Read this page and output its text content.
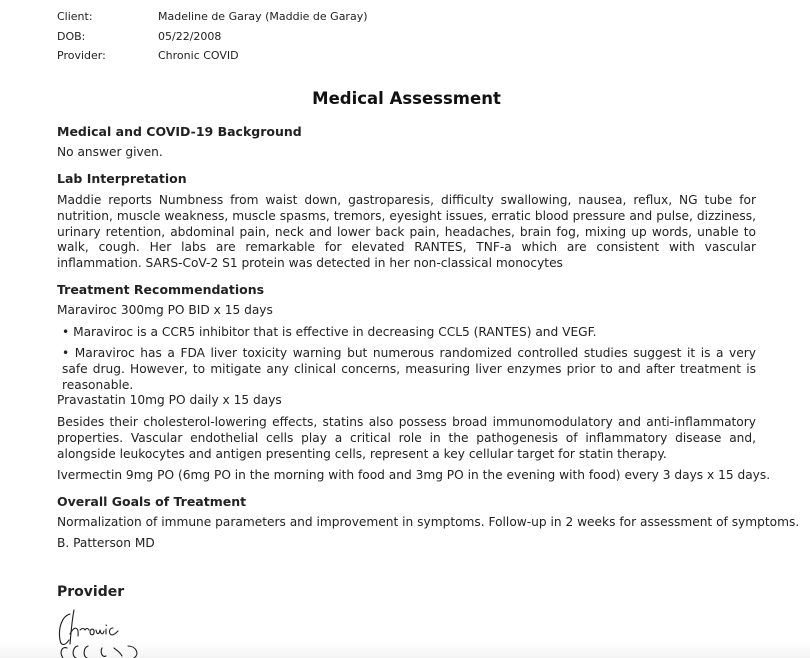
Client:	Madeline de Garay (Maddie de Garay)
DOB:	05/22/2008
Provider:	Chronic COVID
Medical Assessment
Medical and COVID-19 Background
No answer given.
Lab Interpretation
Maddie reports Numbness from waist down, gastroparesis, difficulty swallowing, nausea, reflux, NG tube for nutrition, muscle weakness, muscle spasms, tremors, eyesight issues, erratic blood pressure and pulse, dizziness, urinary retention, abdominal pain, neck and lower back pain, headaches, brain fog, mixing up words, unable to walk, cough. Her labs are remarkable for elevated RANTES, TNF-a which are consistent with vascular inflammation. SARS-CoV-2 S1 protein was detected in her non-classical monocytes
Treatment Recommendations
Maraviroc 300mg PO BID x 15 days
• Maraviroc is a CCR5 inhibitor that is effective in decreasing CCL5 (RANTES) and VEGF.
• Maraviroc has a FDA liver toxicity warning but numerous randomized controlled studies suggest it is a very safe drug. However, to mitigate any clinical concerns, measuring liver enzymes prior to and after treatment is reasonable.
Pravastatin 10mg PO daily x 15 days
Besides their cholesterol-lowering effects, statins also possess broad immunomodulatory and anti-inflammatory properties. Vascular endothelial cells play a critical role in the pathogenesis of inflammatory disease and, alongside leukocytes and antigen presenting cells, represent a key cellular target for statin therapy.
Ivermectin 9mg PO (6mg PO in the morning with food and 3mg PO in the evening with food) every 3 days x 15 days.
Overall Goals of Treatment
Normalization of immune parameters and improvement in symptoms. Follow-up in 2 weeks for assessment of symptoms.
B. Patterson MD
Provider
